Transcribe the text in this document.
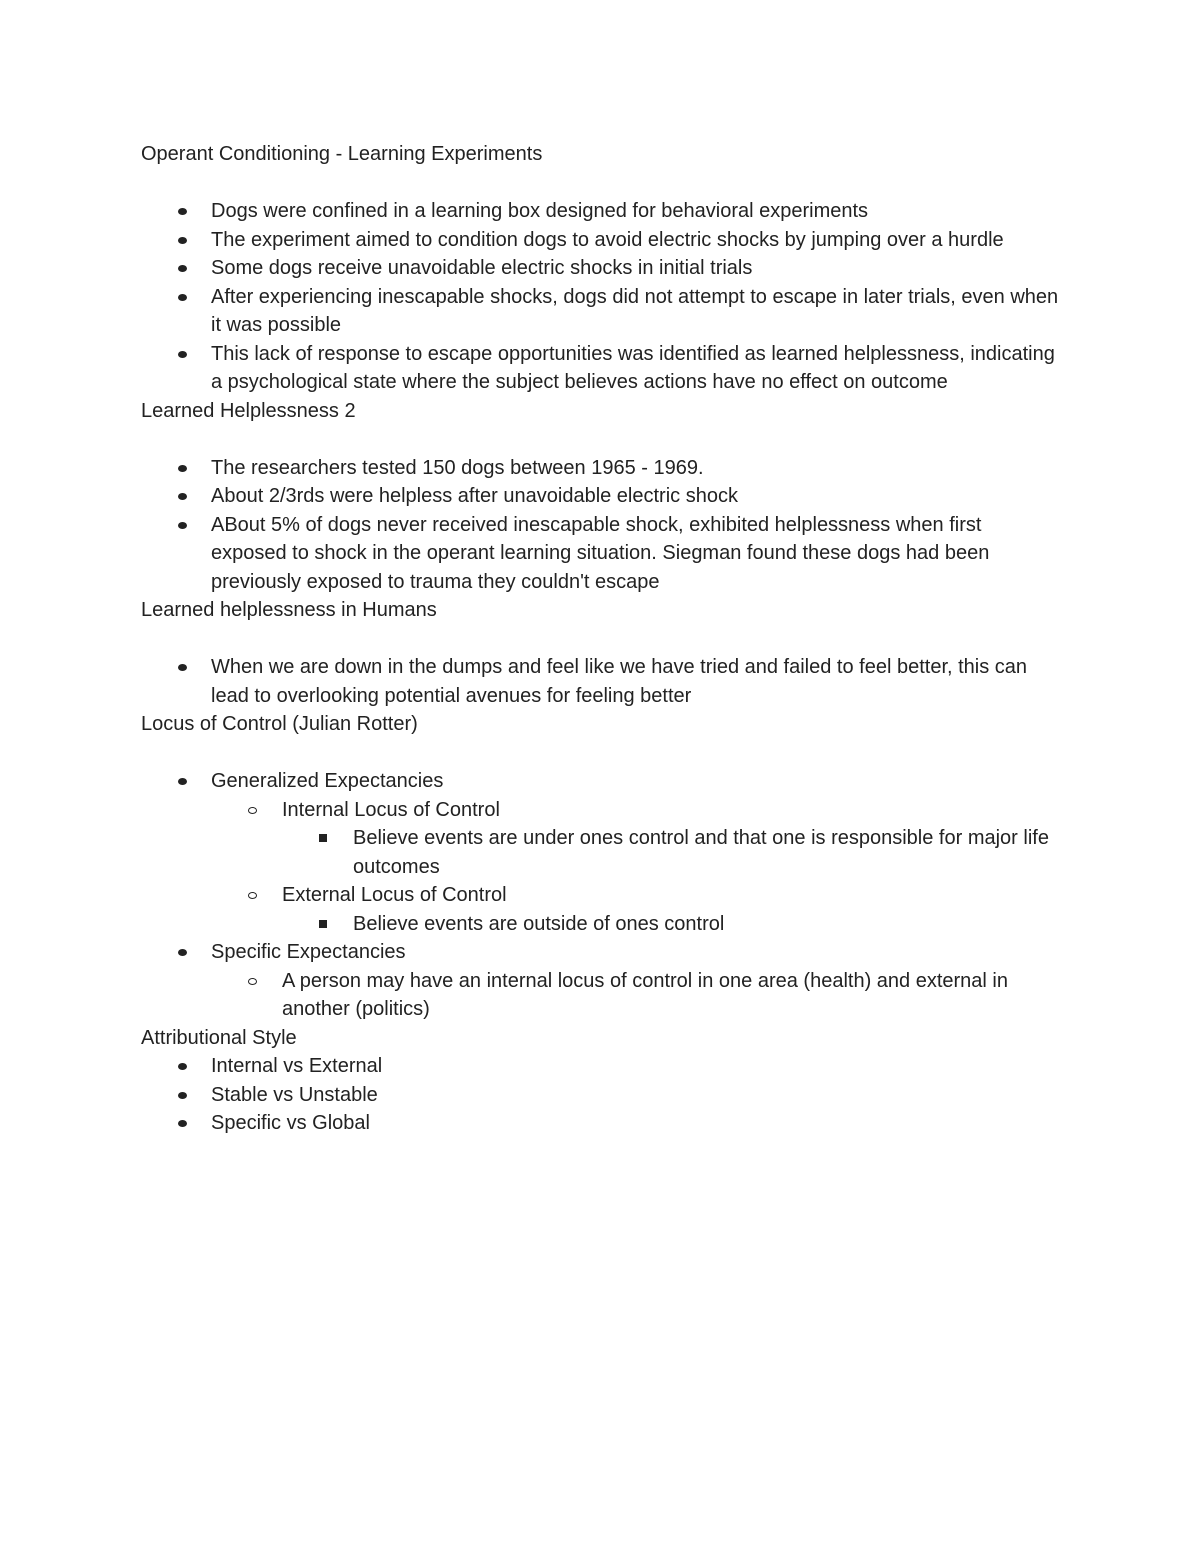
Operant Conditioning - Learning Experiments

Dogs were confined in a learning box designed for behavioral experiments
The experiment aimed to condition dogs to avoid electric shocks by jumping over a hurdle
Some dogs receive unavoidable electric shocks in initial trials
After experiencing inescapable shocks, dogs did not attempt to escape in later trials, even when it was possible
This lack of response to escape opportunities was identified as learned helplessness, indicating a psychological state where the subject believes actions have no effect on outcome

Learned Helplessness 2

The researchers tested 150 dogs between 1965 - 1969.
About 2/3rds were helpless after unavoidable electric shock
ABout 5% of dogs never received inescapable shock, exhibited helplessness when first exposed to shock in the operant learning situation. Siegman found these dogs had been previously exposed to trauma they couldn't escape

Learned helplessness in Humans

When we are down in the dumps and feel like we have tried and failed to feel better, this can lead to overlooking potential avenues for feeling better

Locus of Control (Julian Rotter)

Generalized Expectancies
Internal Locus of Control
Believe events are under ones control and that one is responsible for major life outcomes
External Locus of Control
Believe events are outside of ones control
Specific Expectancies
A person may have an internal locus of control in one area (health) and external in another (politics)

Attributional Style

Internal vs External
Stable vs Unstable
Specific vs Global
